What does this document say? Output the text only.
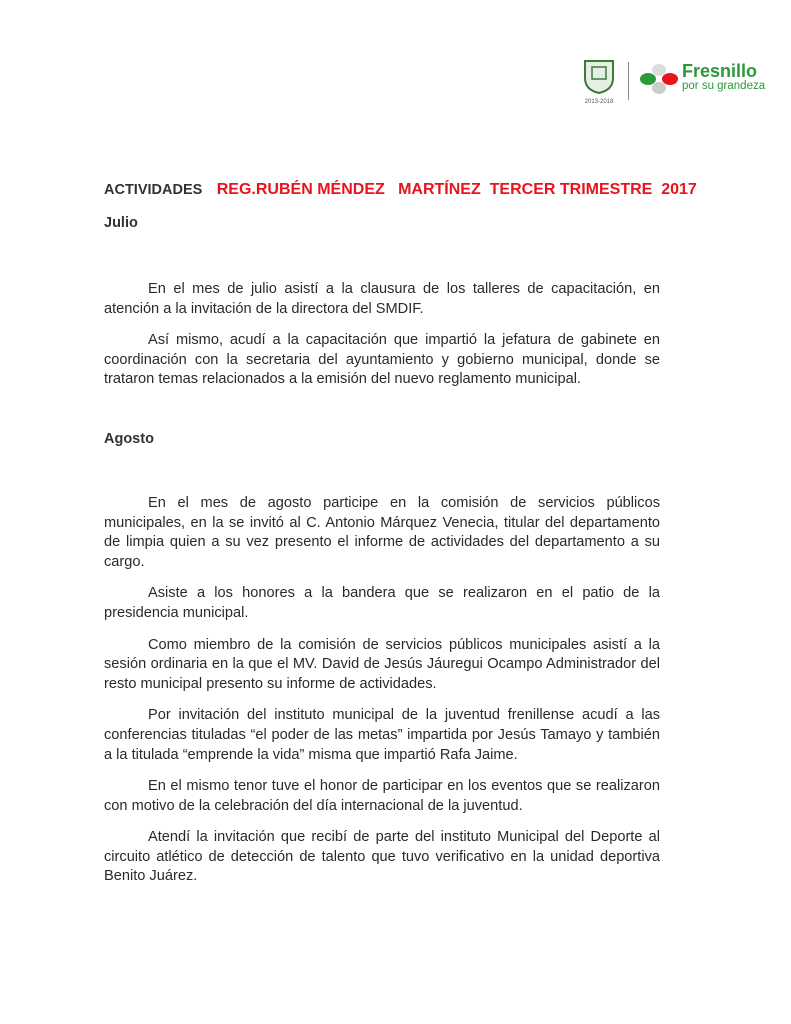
2013-2018
Fresnillo
por su grandeza
ACTIVIDADES REG.RUBÉN MÉNDEZ   MARTÍNEZ  TERCER TRIMESTRE  2017
Julio
En el mes de julio asistí a la clausura de los talleres de capacitación, en atención a la invitación de la directora del SMDIF.
Así mismo, acudí a la capacitación que impartió la jefatura de gabinete en coordinación con la secretaria del ayuntamiento y gobierno municipal, donde se trataron temas relacionados a la emisión del nuevo reglamento municipal.
Agosto
En el mes de agosto participe en la comisión de servicios públicos municipales, en la se invitó al C. Antonio Márquez Venecia, titular del departamento de limpia quien a su vez presento el informe de actividades del departamento a su cargo.
Asiste a los honores a la bandera que se realizaron en el patio de la presidencia municipal.
Como miembro de la comisión de servicios públicos municipales asistí a la sesión ordinaria en la que el MV. David de Jesús Jáuregui Ocampo Administrador del resto municipal presento su informe de actividades.
Por invitación del instituto municipal de la juventud frenillense acudí a las conferencias tituladas “el poder de las metas” impartida por Jesús Tamayo y también a la titulada “emprende la vida” misma que impartió Rafa Jaime.
En el mismo tenor tuve el honor de participar en los eventos que se realizaron con motivo de la celebración del día internacional de la juventud.
Atendí la invitación que recibí de parte del instituto Municipal del Deporte al circuito atlético de detección de talento que tuvo verificativo en la unidad deportiva Benito Juárez.
